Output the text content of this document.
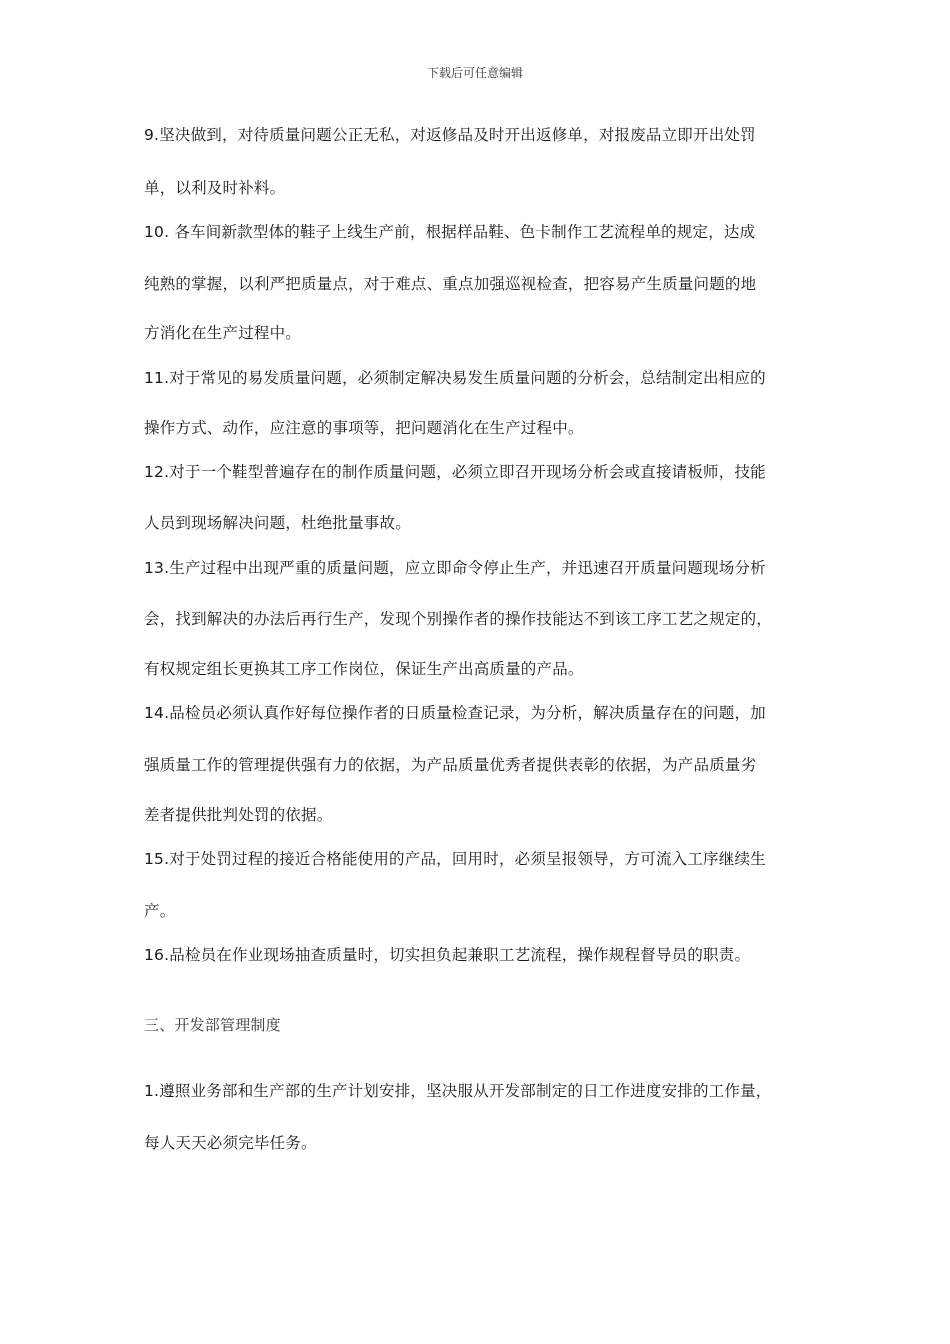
下载后可任意编辑
9.坚决做到，对待质量问题公正无私，对返修品及时开出返修单，对报废品立即开出处罚
单，以利及时补料。
10. 各车间新款型体的鞋子上线生产前，根据样品鞋、色卡制作工艺流程单的规定，达成
纯熟的掌握，以利严把质量点，对于难点、重点加强巡视检查，把容易产生质量问题的地
方消化在生产过程中。
11.对于常见的易发质量问题，必须制定解决易发生质量问题的分析会，总结制定出相应的
操作方式、动作，应注意的事项等，把问题消化在生产过程中。
12.对于一个鞋型普遍存在的制作质量问题，必须立即召开现场分析会或直接请板师，技能
人员到现场解决问题，杜绝批量事故。
13.生产过程中出现严重的质量问题，应立即命令停止生产，并迅速召开质量问题现场分析
会，找到解决的办法后再行生产，发现个别操作者的操作技能达不到该工序工艺之规定的，
有权规定组长更换其工序工作岗位，保证生产出高质量的产品。
14.品检员必须认真作好每位操作者的日质量检查记录，为分析，解决质量存在的问题，加
强质量工作的管理提供强有力的依据，为产品质量优秀者提供表彰的依据，为产品质量劣
差者提供批判处罚的依据。
15.对于处罚过程的接近合格能使用的产品，回用时，必须呈报领导，方可流入工序继续生
产。
16.品检员在作业现场抽查质量时，切实担负起兼职工艺流程，操作规程督导员的职责。
三、开发部管理制度
1.遵照业务部和生产部的生产计划安排，坚决服从开发部制定的日工作进度安排的工作量，
每人天天必须完毕任务。
